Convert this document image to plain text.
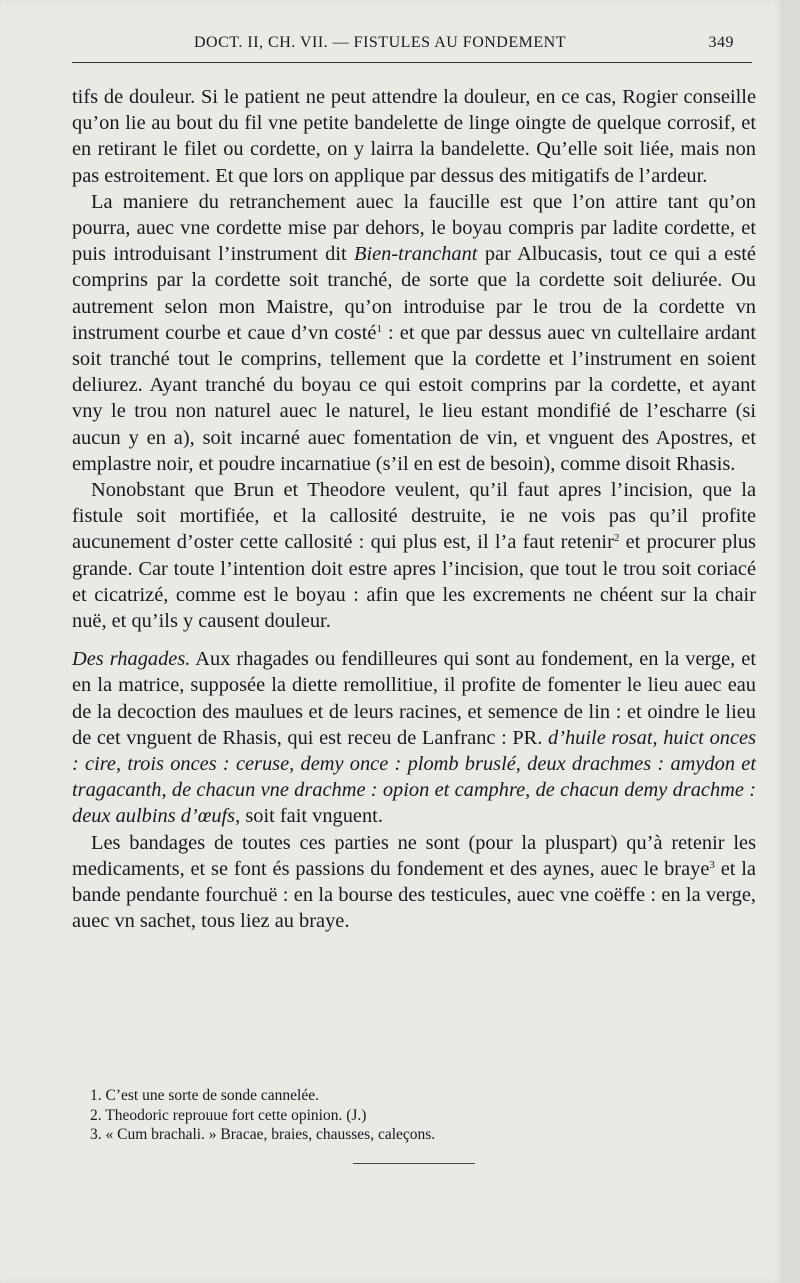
DOCT. II, CH. VII. — FISTULES AU FONDEMENT	349

tifs de douleur. Si le patient ne peut attendre la douleur, en ce cas, Rogier conseille qu’on lie au bout du fil vne petite bandelette de linge oingte de quelque corrosif, et en retirant le filet ou cordette, on y lairra la bandelette. Qu’elle soit liée, mais non pas estroitement. Et que lors on applique par dessus des mitigatifs de l’ardeur.

La maniere du retranchement auec la faucille est que l’on attire tant qu’on pourra, auec vne cordette mise par dehors, le boyau compris par ladite cordette, et puis introduisant l’instrument dit Bien-tranchant par Albucasis, tout ce qui a esté comprins par la cordette soit tranché, de sorte que la cordette soit deliurée. Ou autrement selon mon Maistre, qu’on introduise par le trou de la cordette vn instrument courbe et caue d’vn costé$^1$ : et que par dessus auec vn cultellaire ardant soit tranché tout le comprins, tellement que la cordette et l’instrument en soient deliurez. Ayant tranché du boyau ce qui estoit comprins par la cordette, et ayant vny le trou non naturel auec le naturel, le lieu estant mondifié de l’escharre (si aucun y en a), soit incarné auec fomentation de vin, et vnguent des Apostres, et emplastre noir, et poudre incarnatiue (s’il en est de besoin), comme disoit Rhasis.

Nonobstant que Brun et Theodore veulent, qu’il faut apres l’incision, que la fistule soit mortifiée, et la callosité destruite, ie ne vois pas qu’il profite aucunement d’oster cette callosité : qui plus est, il l’a faut retenir$^2$ et procurer plus grande. Car toute l’intention doit estre apres l’incision, que tout le trou soit coriacé et cicatrizé, comme est le boyau : afin que les excrements ne chéent sur la chair nuë, et qu’ils y causent douleur.

Des rhagades. Aux rhagades ou fendilleures qui sont au fondement, en la verge, et en la matrice, supposée la diette remollitiue, il profite de fomenter le lieu auec eau de la decoction des maulues et de leurs racines, et semence de lin : et oindre le lieu de cet vnguent de Rhasis, qui est receu de Lanfranc : PR. d’huile rosat, huict onces : cire, trois onces : ceruse, demy once : plomb bruslé, deux drachmes : amydon et tragacanth, de chacun vne drachme : opion et camphre, de chacun demy drachme : deux aulbins d’œufs, soit fait vnguent.

Les bandages de toutes ces parties ne sont (pour la pluspart) qu’à retenir les medicaments, et se font és passions du fondement et des aynes, auec le braye$^3$ et la bande pendante fourchuë : en la bourse des testicules, auec vne coëffe : en la verge, auec vn sachet, tous liez au braye.

1. C’est une sorte de sonde cannelée.
2. Theodoric reprouue fort cette opinion. (J.)
3. « Cum brachali. » Bracae, braies, chausses, caleçons.
